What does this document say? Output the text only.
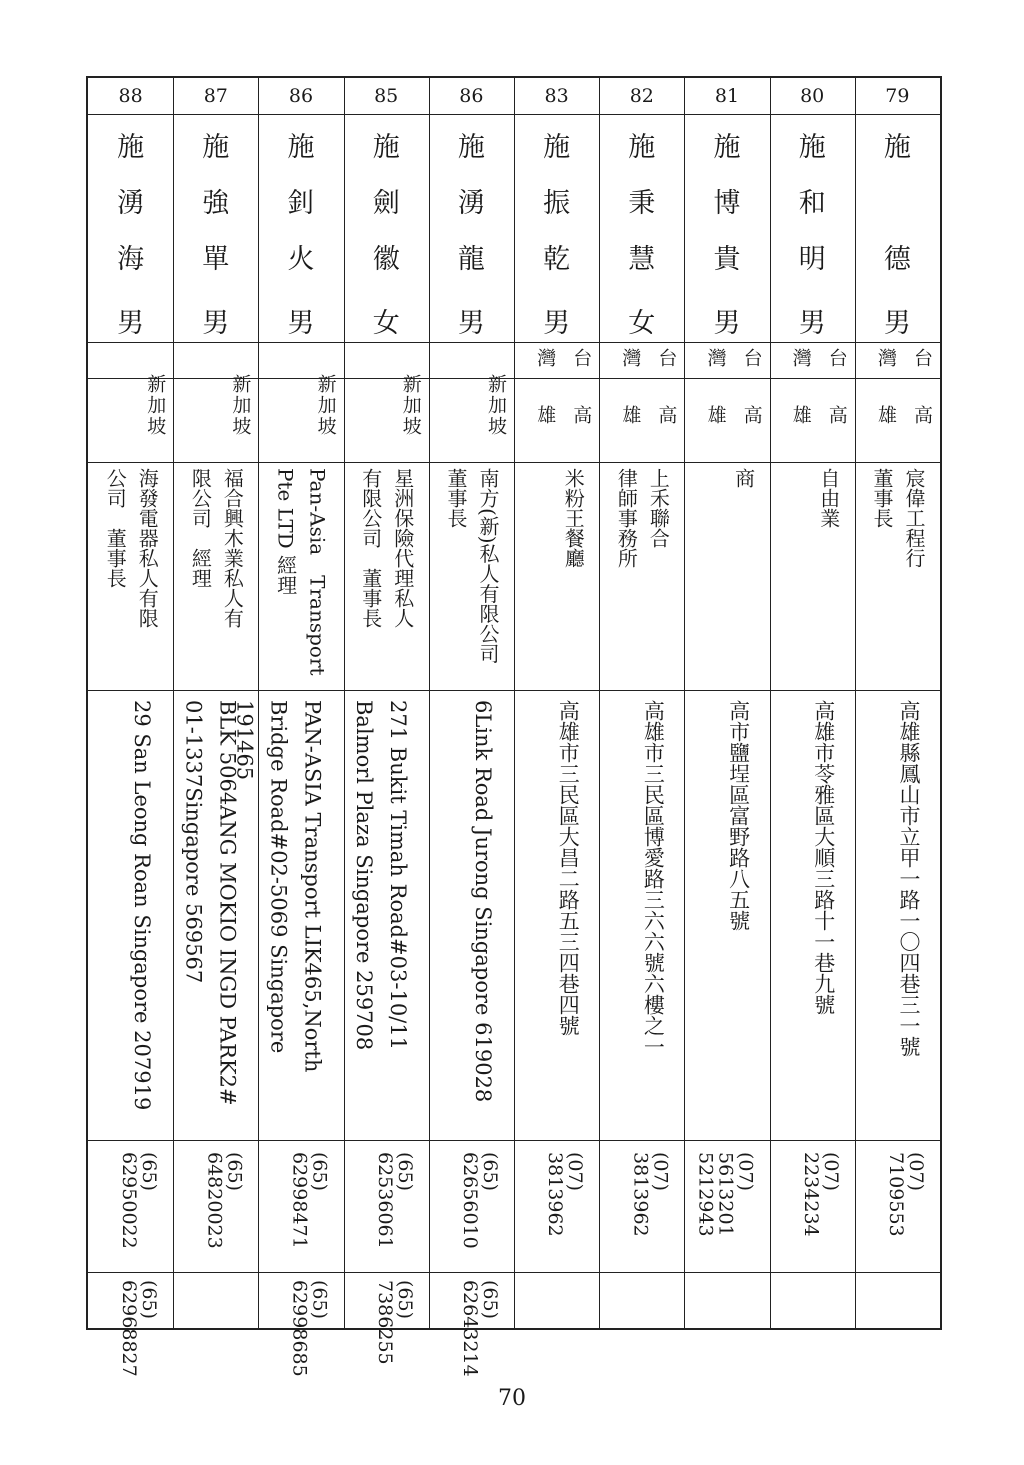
79
施
德
男
台灣
高雄
宸偉工程行
董事長
高雄縣鳳山市立甲一路一〇四巷三一號
(07)
7109553
80
施
和
明
男
台灣
高雄
自由業
高雄市苓雅區大順三路十一巷九號
(07)
2234234
81
施
博
貴
男
台灣
高雄
商
高市鹽埕區富野路八五號
(07)
5613201
5212943
82
施
秉
慧
女
台灣
高雄
上禾聯合
律師事務所
高雄市三民區博愛路三六六號六樓之一
(07)
3813962
83
施
振
乾
男
台灣
高雄
米粉王餐廳
高雄市三民區大昌二路五三四巷四號
(07)
3813962
86
施
湧
龍
男
新加坡
南方(新)私人有限公司
董事長
6Link Road Jurong Singapore 619028
(65)
62656010
(65)
62643214
85
施
劍
徽
女
新加坡
星洲保險代理私人
有限公司　董事長
271 Bukit Timah Road#03-10/11
Balmorl Plaza Singapore 259708
(65)
62536061
(65)
7386255
86
施
釗
火
男
新加坡
Pan-Asia　Transport
Pte LTD 經理
PAN-ASIA Transport LIK465,North
Bridge Road#02-5069 Singapore 191465
(65)
62998471
(65)
62998685
87
施
強
單
男
新加坡
福合興木業私人有
限公司　經理
BLK 5064ANG MOKIO INGD PARK2#
01-1337Singapore 569567
(65)
64820023
88
施
湧
海
男
新加坡
海發電器私人有限
公司　董事長
29 San Leong Roan Singapore 207919
(65)
62950022
(65)
62968827
70
